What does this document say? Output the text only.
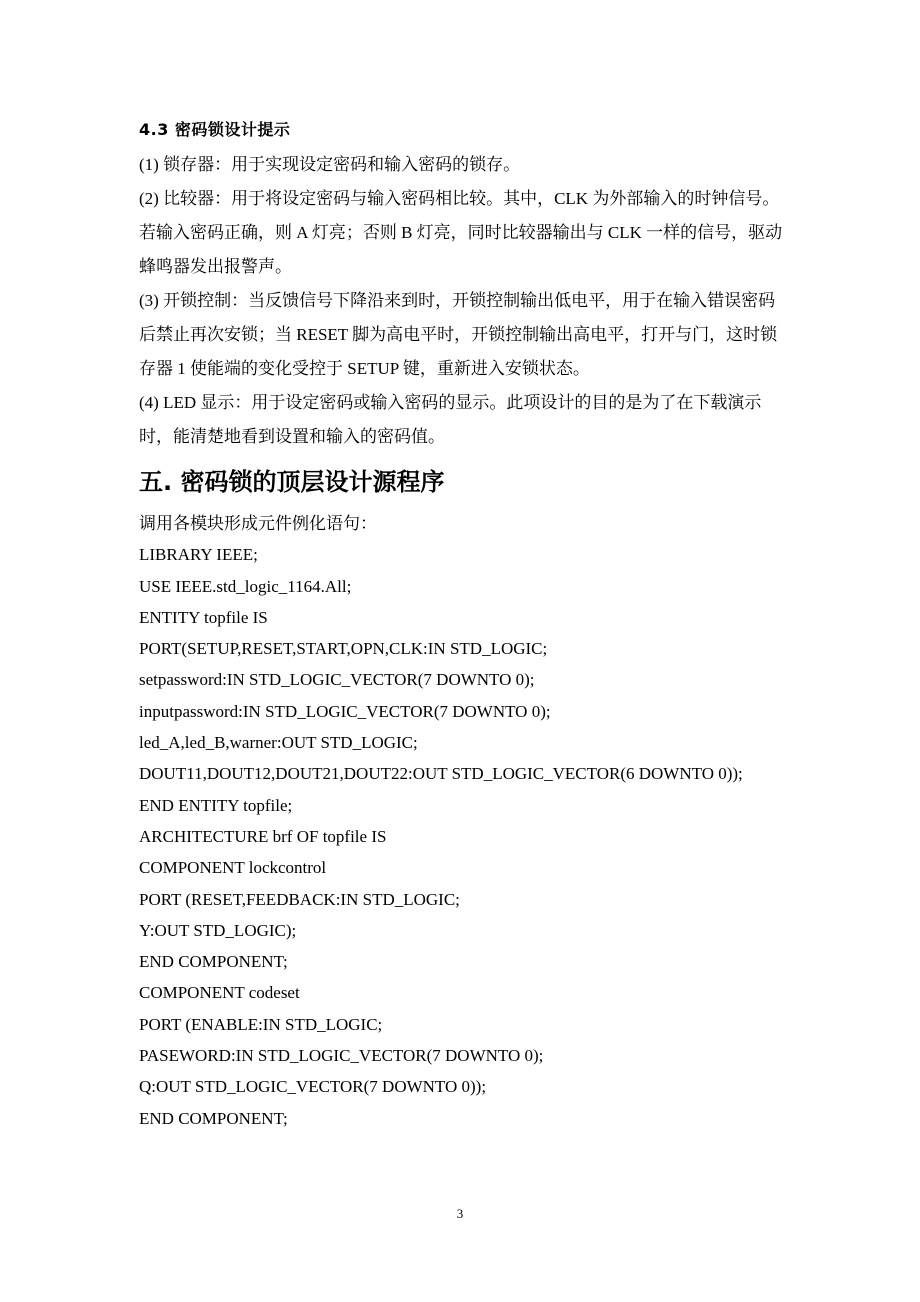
4.3 密码锁设计提示

(1) 锁存器：用于实现设定密码和输入密码的锁存。

(2) 比较器：用于将设定密码与输入密码相比较。其中，CLK 为外部输入的时钟信号。若输入密码正确，则 A 灯亮；否则 B 灯亮，同时比较器输出与 CLK 一样的信号，驱动蜂鸣器发出报警声。

(3) 开锁控制：当反馈信号下降沿来到时，开锁控制输出低电平，用于在输入错误密码后禁止再次安锁；当 RESET 脚为高电平时，开锁控制输出高电平，打开与门，这时锁存器 1 使能端的变化受控于 SETUP 键，重新进入安锁状态。

(4) LED 显示：用于设定密码或输入密码的显示。此项设计的目的是为了在下载演示时，能清楚地看到设置和输入的密码值。

五. 密码锁的顶层设计源程序
调用各模块形成元件例化语句：
LIBRARY IEEE;
USE IEEE.std_logic_1164.All;
ENTITY topfile IS
PORT(SETUP,RESET,START,OPN,CLK:IN STD_LOGIC;
setpassword:IN STD_LOGIC_VECTOR(7 DOWNTO 0);
inputpassword:IN STD_LOGIC_VECTOR(7 DOWNTO 0);
led_A,led_B,warner:OUT STD_LOGIC;
DOUT11,DOUT12,DOUT21,DOUT22:OUT STD_LOGIC_VECTOR(6 DOWNTO 0));
END ENTITY topfile;
ARCHITECTURE brf OF topfile IS
COMPONENT lockcontrol
PORT (RESET,FEEDBACK:IN STD_LOGIC;
Y:OUT STD_LOGIC);
END COMPONENT;
COMPONENT codeset
PORT (ENABLE:IN STD_LOGIC;
PASEWORD:IN STD_LOGIC_VECTOR(7 DOWNTO 0);
Q:OUT STD_LOGIC_VECTOR(7 DOWNTO 0));
END COMPONENT;
3
